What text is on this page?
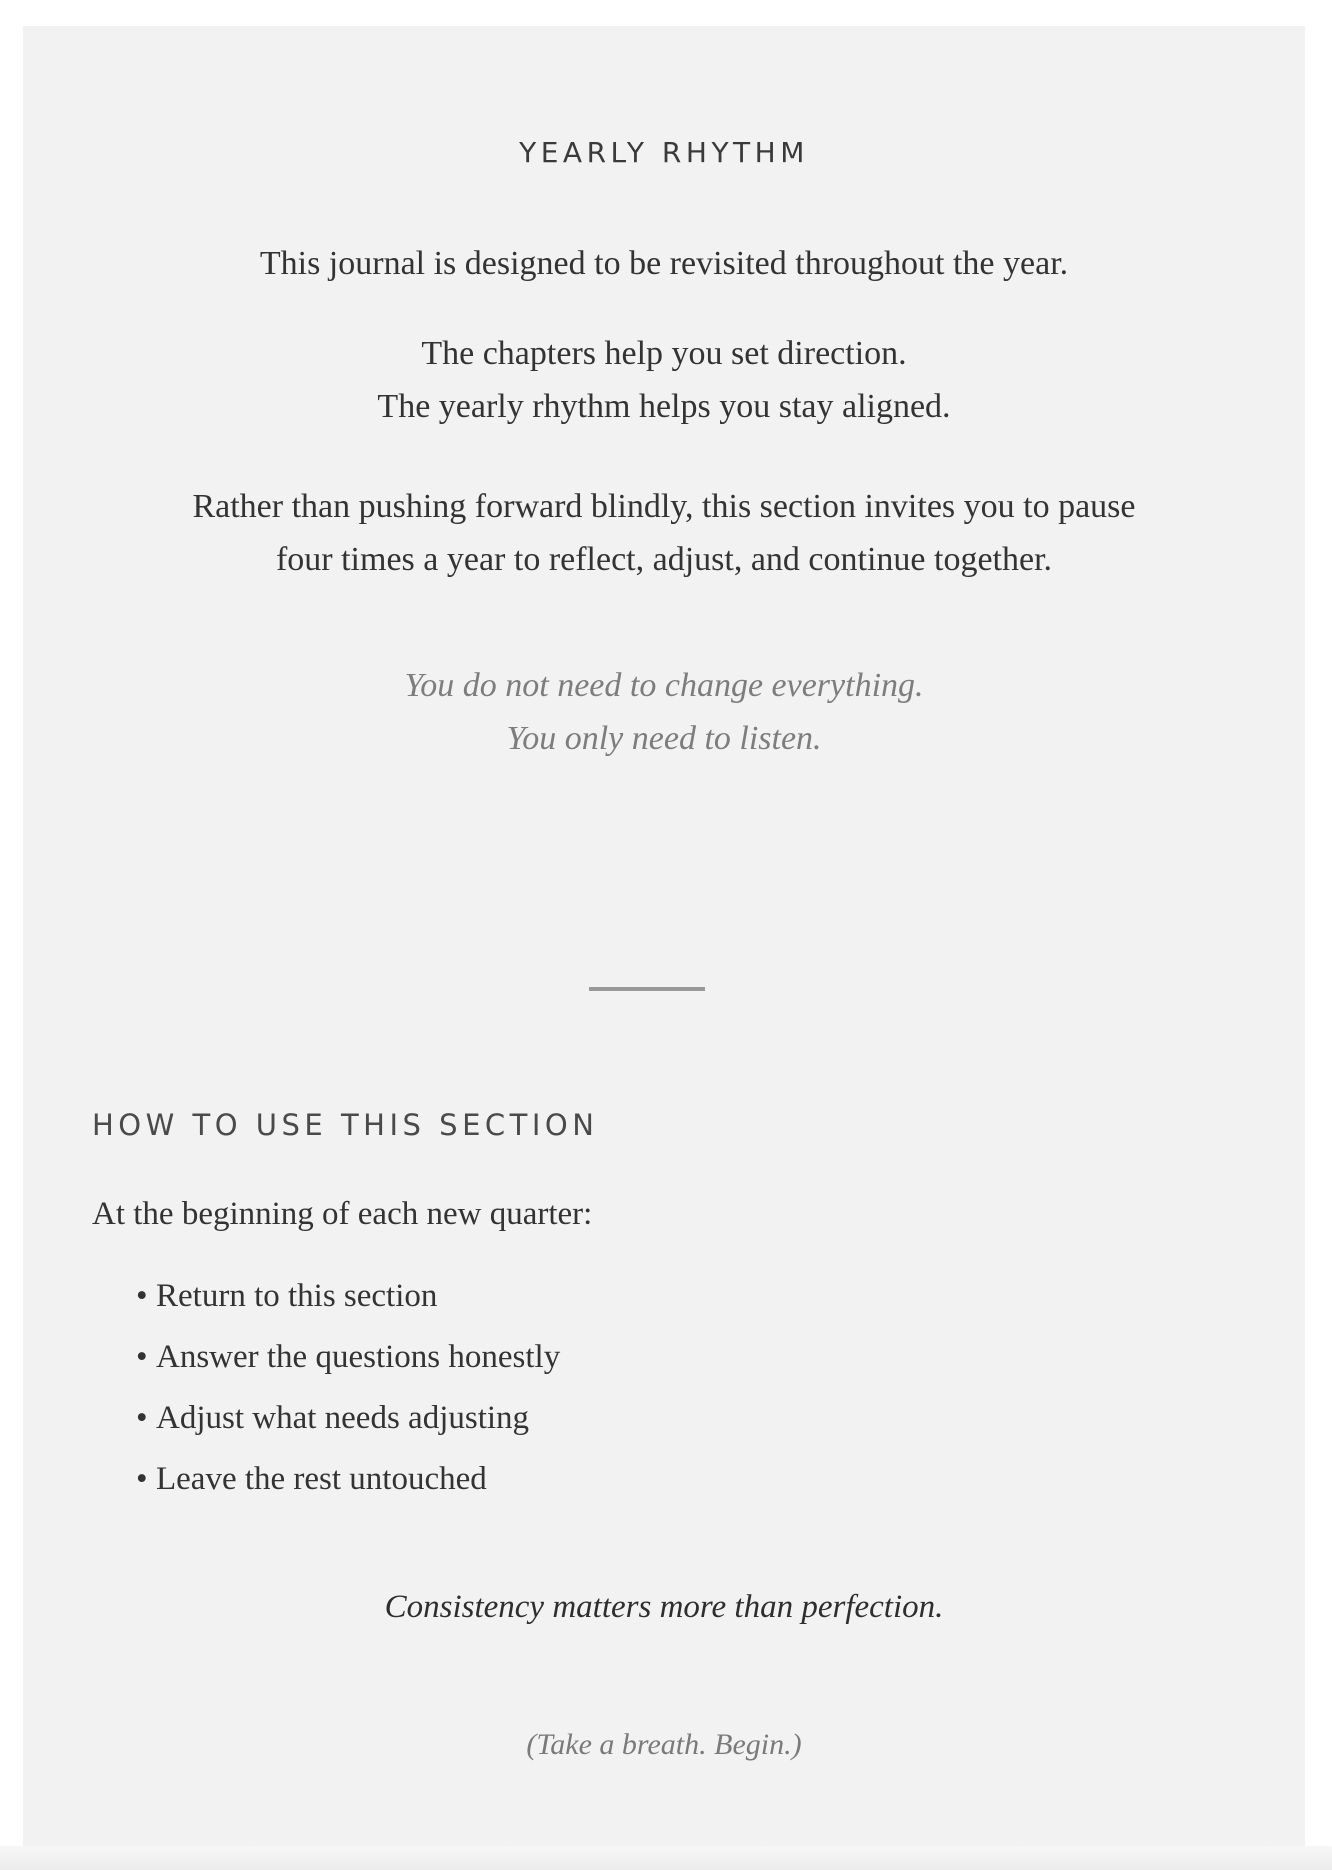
YEARLY RHYTHM
This journal is designed to be revisited throughout the year.
The chapters help you set direction.
The yearly rhythm helps you stay aligned.
Rather than pushing forward blindly, this section invites you to pause
four times a year to reflect, adjust, and continue together.
You do not need to change everything.
You only need to listen.
HOW TO USE THIS SECTION
At the beginning of each new quarter:
• Return to this section
• Answer the questions honestly
• Adjust what needs adjusting
• Leave the rest untouched
Consistency matters more than perfection.
(Take a breath. Begin.)
